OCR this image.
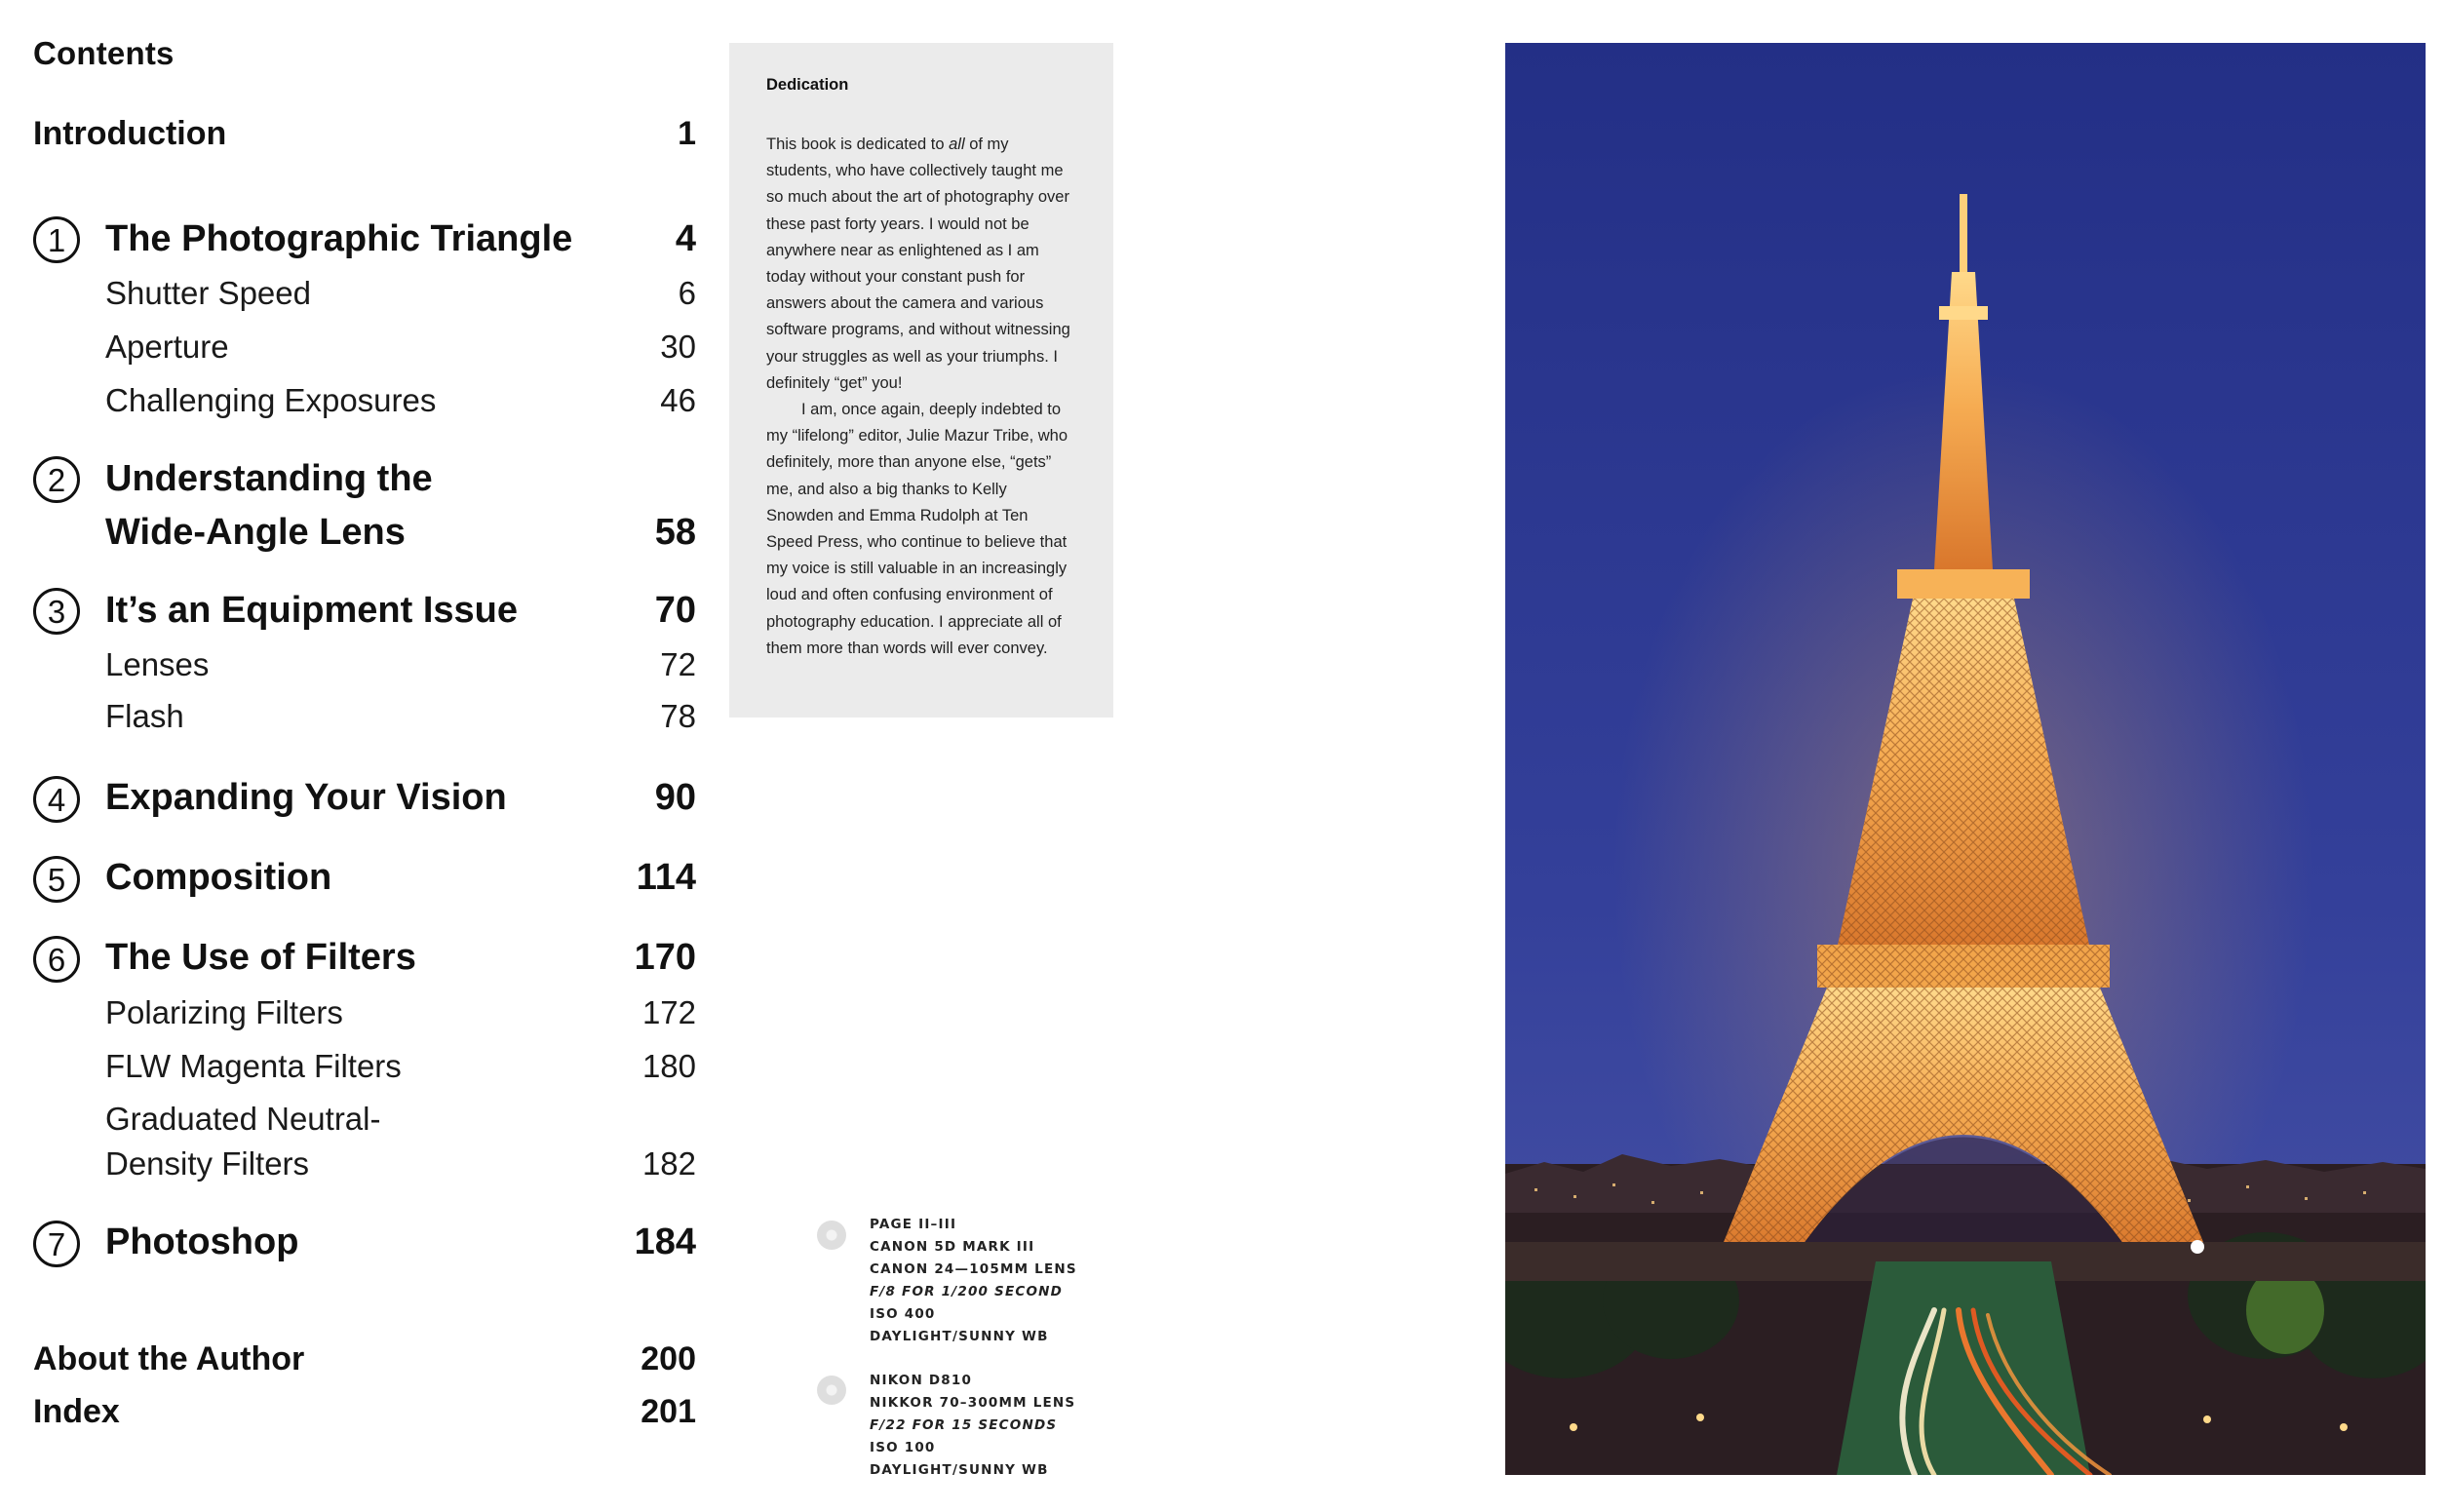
Contents
Introduction	1
1	The Photographic Triangle	4
Shutter Speed	6
Aperture	30
Challenging Exposures	46
2	Understanding the
Wide-Angle Lens	58
3	It’s an Equipment Issue	70
Lenses	72
Flash	78
4	Expanding Your Vision	90
5	Composition	114
6	The Use of Filters	170
Polarizing Filters	172
FLW Magenta Filters	180
Graduated Neutral-
Density Filters	182
7	Photoshop	184
About the Author	200
Index	201
Dedication

This book is dedicated to all of my students, who have collectively taught me so much about the art of photography over these past forty years. I would not be anywhere near as enlightened as I am today without your constant push for answers about the camera and various software programs, and without witnessing your struggles as well as your triumphs. I definitely “get” you!

I am, once again, deeply indebted to my “lifelong” editor, Julie Mazur Tribe, who definitely, more than anyone else, “gets” me, and also a big thanks to Kelly Snowden and Emma Rudolph at Ten Speed Press, who continue to believe that my voice is still valuable in an increasingly loud and often confusing environment of photography education. I appreciate all of them more than words will ever convey.

PAGE II–III
CANON 5D MARK III
CANON 24—105MM LENS
F/8 FOR 1/200 SECOND
ISO 400
DAYLIGHT/SUNNY WB
NIKON D810
NIKKOR 70–300MM LENS
F/22 FOR 15 SECONDS
ISO 100
DAYLIGHT/SUNNY WB
